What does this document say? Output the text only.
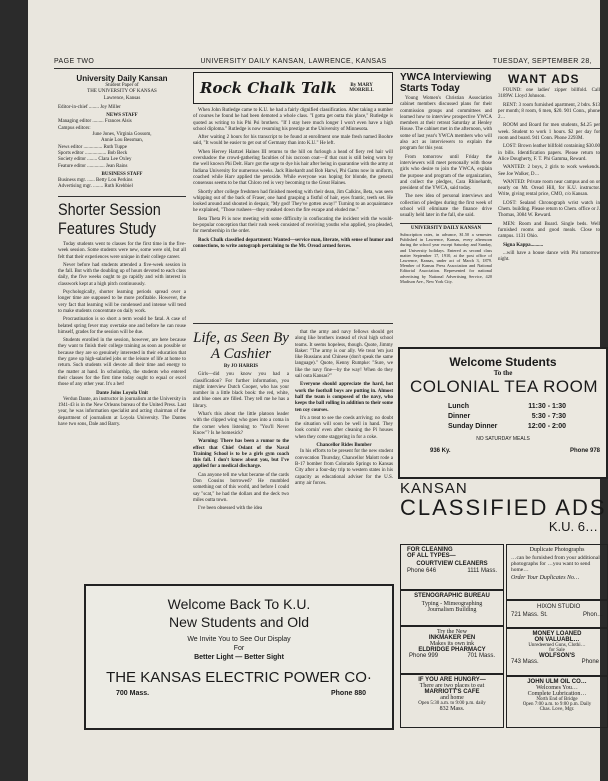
PAGE TWO	UNIVERSITY DAILY KANSAN, LAWRENCE, KANSAS	TUESDAY, SEPTEMBER 28,
University Daily Kansan
Student Paper of
THE UNIVERSITY OF KANSAS
Lawrence, Kansas
Editor-in-chief ........ Joy Miller
NEWS STAFF
Managing editor ......... Frances Alsis
Campus editors:
June Jones, Virginia Gossom,
Annie Lou Bessman,
News editor ............... Ruth Tuppe
Sports editor ................. Bob Beck
Society editor ........ Clara Lee Oxley
Feature editor .............. Jean Rains
BUSINESS STAFF
Business mgr. ...... Betty Lou Perkins
Advertising mgr. ........ Ruth Krehbiel
Shorter Session Features Study

Today students went to classes for the first time in the five-week session. Some students were new, some were old, but all felt that their experiences were unique in their college career.

Never before had students attended a five-week session in the fall. But with the doubling up of hours devoted to each class daily, the five weeks ought to go rapidly and with interest in classwork kept at a high pitch continuously.

Psychologically, shorter learning periods spread over a longer time are supposed to be more profitable. However, the very fact that learning will be condensed and intense will tend to make students concentrate on daily work.

Procrastination is so short a term would be fatal. A case of belated spring fever may overtake one and before he can rouse himself, grades for the session will be due.

Students enrolled in the session, however, are here because they want to finish their college training as soon as possible or because they are so genuinely interested in their education that they gave up high-salaried jobs or the leisure of life at home to return. Such students will devote all their time and energy to the matter at hand. In scholarship, the students who entered their classes for the first time today ought to equal or excel those of any other year. It's a bet!

Dante Joins Loyola Unit

Verdun Dante, an instructor in journalism at the University in 1941-43 is in the New Orleans bureau of the United Press. Last year, he was information specialist and acting chairman of the department of journalism at Loyola University. The Dantes have two sons, Dale and Barry.

Rock Chalk Talk	By MARY MORRILL

When John Rutledge came to K.U. he had a fairly dignified classification. After taking a number of courses he found he had been demoted a whole class. "I gotta get outta this place," Rutledge is quoted as writing to his Phi Psi brothers. "If I stay here much longer I won't even have a high school diploma." Rutledge is now resuming his prestige at the University of Minnesota.

After waiting 2 hours for his transcript to be found at enrollment one male fresh named Boohre said, "It would be easier to get out of Germany than into K.U." He left.

When Hervey Hartzel Haines III returns to the hill on furlough a head of fiery red hair will overshadow the crowd-gathering faculties of his raccoon coat—if that coat is still being worn by the well known Phi Delt. Harv got the urge to dye his hair after being in quarantine with the army at Indiana University for numerous weeks. Jack Rinehardt and Bob Harwi, Phi Gams now in uniform, coached while Harv applied the peroxide. While everyone was hoping for blonde, the general consensus seems to be that Chloro red is very becoming to the Great Haines.

Shortly after college freshmen had finished meeting with their dean, Jim Calkins, Beta, was seen whipping out of the back of Fraser, one hand grasping a fistful of hair, eyes frantic, teeth set. He looked around and shouted in despair, "My god! They've gotten away!" Turning to an acquaintance he explained, "Those rushees—they sneaked down the fire escape and eluded me."

Beta Theta Pi is now meeting with some difficulty in confiscating the incident with the would-be-popular conception that their rush week consisted of receiving youths who applied, yea pleaded, for membership in the order.

Rock Chalk classified department: Wanted—service man, literate, with sense of humor and connections, to write autograph pertaining to the Mt. Oread armed forces.

Life, as Seen By A Cashier
By JO HARRIS

Girls—did you know you had a classification? For further information, you might interview Dutch Cooper, who has your number in a little black book: the red, white, and blue ones are filled. They tell me he has a library.

What's this about the little platoon leader with the clipped wing who goes into a coma in the corner when listening to "You'll Never Know"? Is he homesick?

Warning: There has been a rumor to the effect that Chief Oslant of the Naval Training School is to be a girls gym coach this fall. I don't know about you, but I've applied for a medical discharge.

Can anyone tell me what became of the cards Don Cousins borrowed? He mumbled something out of this world, and before I could say "scat," he had the dollars and the deck two miles outta town.

I've been obsessed with the idea

that the army and navy fellows should get along like brothers instead of rival high school teams. It seems hopeless, though. Quote, Jimmy Baker: "The army is our ally. We treat 'em just like Russians and Chinese (don't speak the same language)." Quote, Kenny Rumpke: "Sure, we like the navy fine—by the way! When do they sail outa Kansas?"

Everyone should appreciate the hard, hot work the football boys are putting in. Almost half the team is composed of the navy, who keeps the ball rolling in addition to their some ten coy courses.

It's a treat to see the coeds arriving; no doubt the situation will soon be well in hand. They look cornin' even after cleaning the Pi houses when they come staggering in for a coke.

Chancellor Rides Bomber

In his efforts to be present for the new student convocation Thursday, Chancellor Malott rode a B-17 bomber from Colorado Springs to Kansas City after a four-day trip to western states in his capacity as educational adviser for the U.S. army air forces.

YWCA Interviewing Starts Today

Young Women's Christian Association cabinet members discussed plans for their commission groups and committees and learned how to interview prospective YWCA members at their retreat Saturday at Henley House. The cabinet met in the afternoon, with some of last year's YWCA members who will also act as interviewers to explain the program for this year.

From tomorrow until Friday the interviewers will meet personally with those girls who desire to join the YWCA, explain the purpose and program of the organization, and collect the pledges, Cara Rhinehardt, president of the YWCA, said today.

The new idea of personal interviews and collection of pledges during the first week of school will eliminate the finance drive usually held later in the fall, she said.

UNIVERSITY DAILY KANSAN
Subscription rates, in advance, $1.50 a semester. Published in Lawrence, Kansas, every afternoon during the school year except Saturday and Sunday, and University holidays. Entered as second class matter September 17, 1910, at the post office of Lawrence, Kansas, under act of March 3, 1879. Member of Kansas Press Association and National Editorial Association. Represented for national advertising by National Advertising Service, 420 Madison Ave., New York City.
WANT ADS

FOUND: one ladies' zipper billfold. Call 3189W. Lloyd Johnson.

RENT: 3 room furnished apartment, 2 bdrs. $13 per month; 8 room, 6 men, $20. 901 Conn., phone 2…

ROOM and Board for men students, $4.25 per week. Student to work 1 hours. $2 per day for room and board. 941 Conn. Phone 2293M.

LOST: Brown leather billfold containing $30.00 in bills. Identification papers. Please return to Alice Dougherty, F. T. Phi Gamma, Reward.

WANTED: 2 boys, 2 girls to work weekends. See Joe Walker, D…

WANTED: Private room near campus and on or nearly on Mt. Oread Hill, for K.U. instructor. Write, giving rental price, CMO, c/o Kansan.

LOST: Sealand Chronograph wrist watch in Chem. building. Please return to Chem. office or J. Thomas, 3084 W. Reward.

MEN: Room and Board. Single beds. Well furnished rooms and good meals. Close to campus. 1131 Ohio.

Signa Kappa..........

...will have a house dance with Phi tomorrow night.

Welcome Students
To the
COLONIAL TEA ROOM
Lunch	11:30 - 1:30
Dinner	5:30 - 7:30
Sunday Dinner	12:00 - 2:00
NO SATURDAY MEALS
936 Ky.	Phone 978
KANSAN
CLASSIFIED ADS
K.U. 6…
FOR CLEANING
OF ALL TYPES—
COURTVIEW CLEANERS
Phone 646	1111 Mass.
STENOGRAPHIC BUREAU
Typing - Mimeographing
Journalism Building
Try the New
INKMAKER PEN
Makes its own ink
ELDRIDGE PHARMACY
Phone 999	701 Mass.
IF YOU ARE HUNGRY—
There are two places to eat
MARRIOTT'S CAFE
and home
Open 5:30 a.m. to 9:00 p.m. daily
832 Mass.
Duplicate Photographs
…can be furnished from your additional photographs for …you want to send home…
Order Your Duplicates No…
HIXON STUDIO
721 Mass. St.	Phon…
MONEY LOANED
ON VALUABL…
Unredeemed Guns, Clothi…
for Sale
WOLFSON'S
743 Mass.	Phone
JOHN ULM OIL CO…
Welcomes You…
Complete Lubrication…
North End of Bridge
Open 7:00 a.m. to 9:00 p.m. Daily
Chas. Love, Mgr.
Welcome Back To K.U.
New Students and Old
We Invite You to See Our Display
For
Better Light — Better Sight
THE KANSAS ELECTRIC POWER CO·
700 Mass.	Phone 880
